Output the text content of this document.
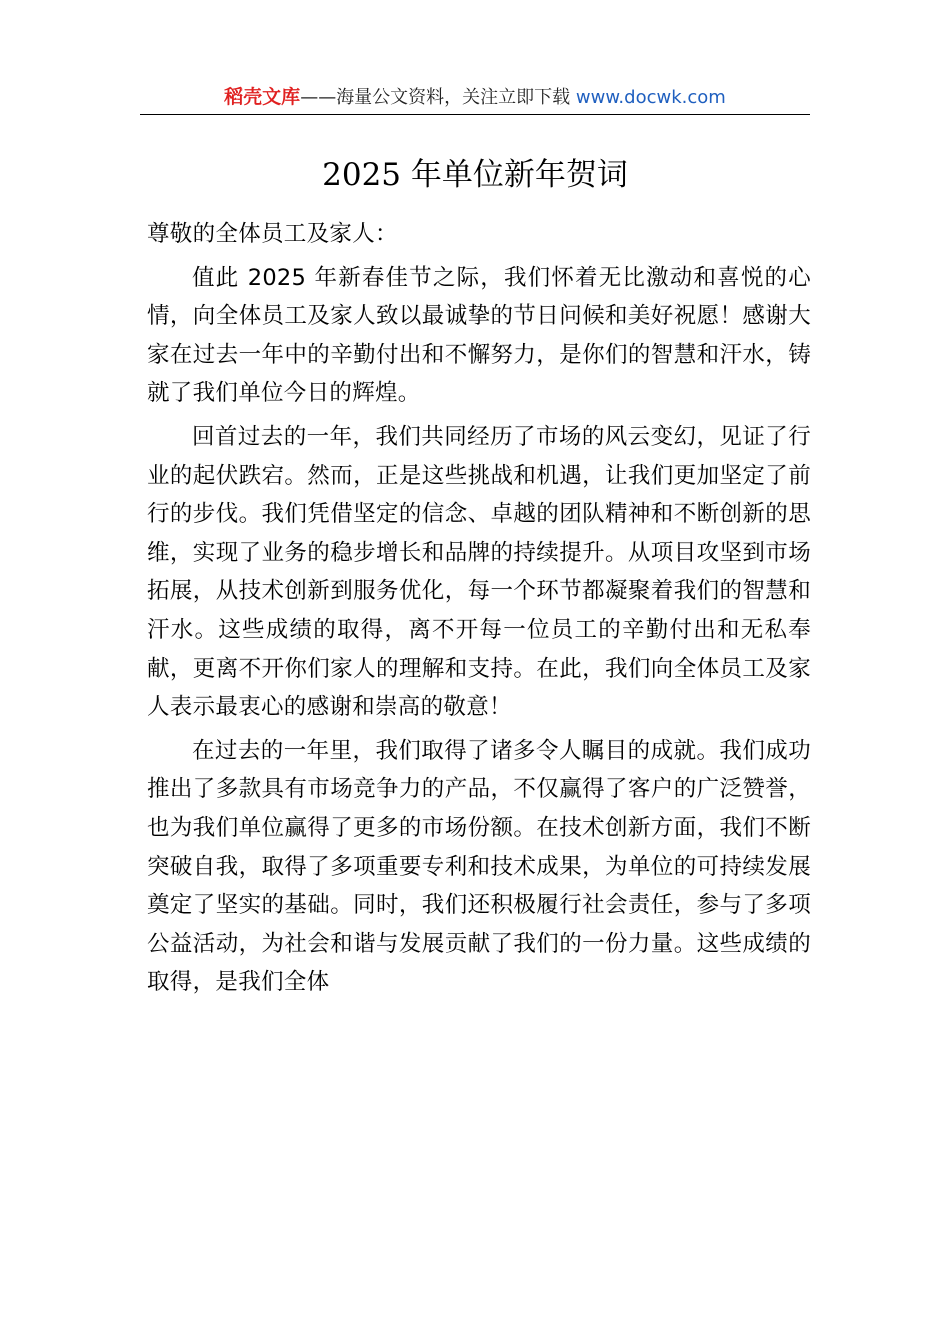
稻壳文库——海量公文资料，关注立即下载 www.docwk.com
2025 年单位新年贺词

尊敬的全体员工及家人：

值此 2025 年新春佳节之际，我们怀着无比激动和喜悦的心情，向全体员工及家人致以最诚挚的节日问候和美好祝愿！感谢大家在过去一年中的辛勤付出和不懈努力，是你们的智慧和汗水，铸就了我们单位今日的辉煌。

回首过去的一年，我们共同经历了市场的风云变幻，见证了行业的起伏跌宕。然而，正是这些挑战和机遇，让我们更加坚定了前行的步伐。我们凭借坚定的信念、卓越的团队精神和不断创新的思维，实现了业务的稳步增长和品牌的持续提升。从项目攻坚到市场拓展，从技术创新到服务优化，每一个环节都凝聚着我们的智慧和汗水。这些成绩的取得，离不开每一位员工的辛勤付出和无私奉献，更离不开你们家人的理解和支持。在此，我们向全体员工及家人表示最衷心的感谢和崇高的敬意！

在过去的一年里，我们取得了诸多令人瞩目的成就。我们成功推出了多款具有市场竞争力的产品，不仅赢得了客户的广泛赞誉，也为我们单位赢得了更多的市场份额。在技术创新方面，我们不断突破自我，取得了多项重要专利和技术成果，为单位的可持续发展奠定了坚实的基础。同时，我们还积极履行社会责任，参与了多项公益活动，为社会和谐与发展贡献了我们的一份力量。这些成绩的取得，是我们全体
